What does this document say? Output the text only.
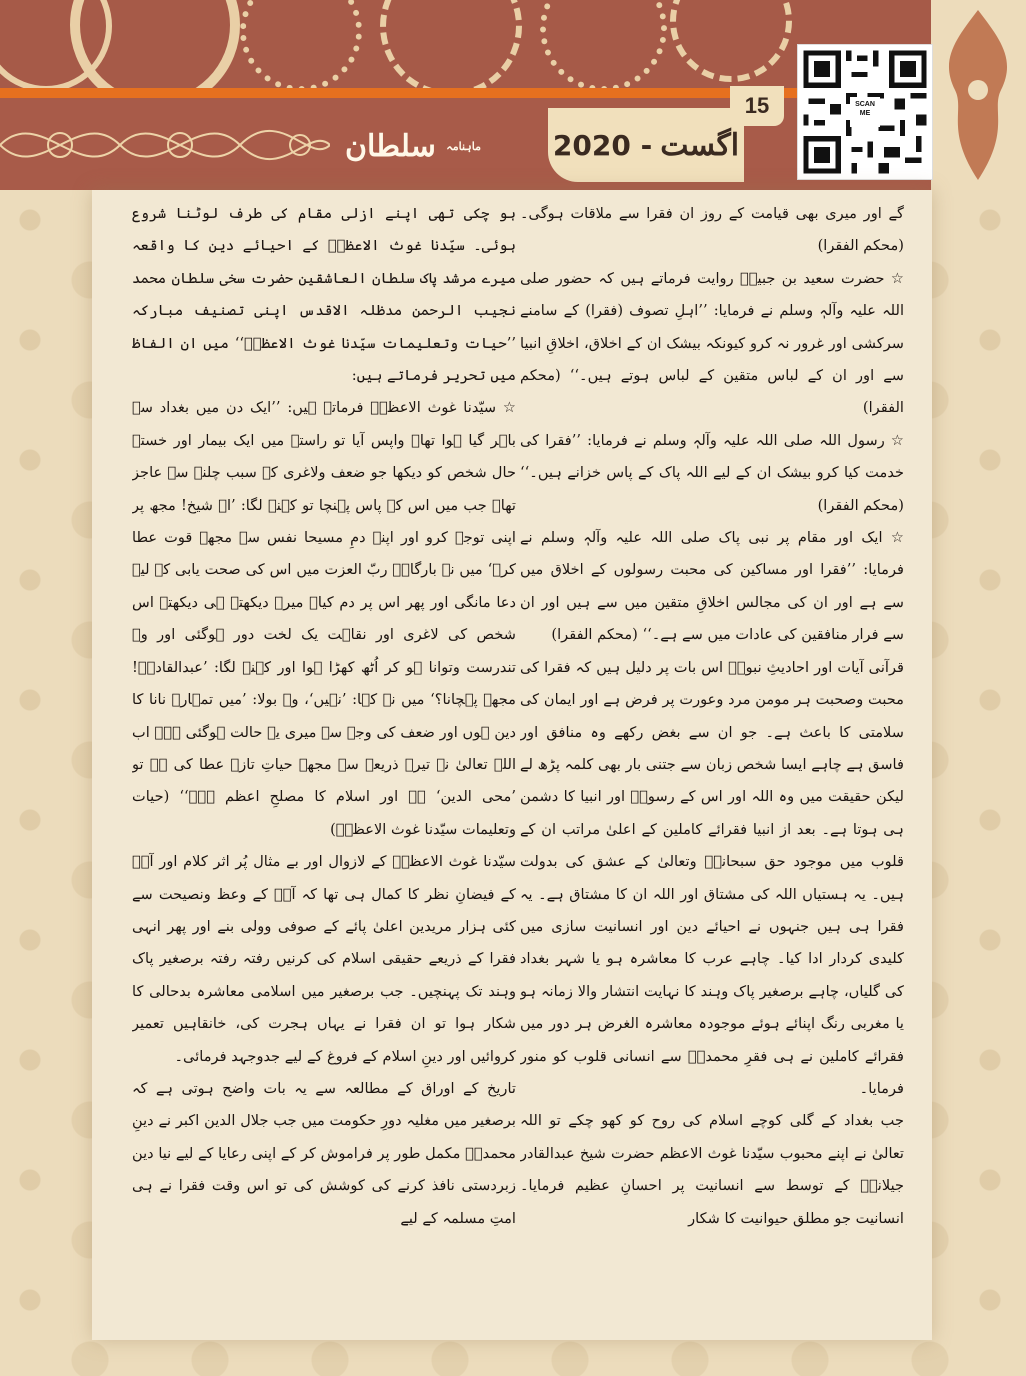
$^{ماہنامہ}$ سلطان	2020 - اگست
15	SCAN ME

گے اور میری بھی قیامت کے روز ان فقرا سے ملاقات ہوگی۔ (محکم الفقرا)

☆ حضرت سعید بن جبیرؓ روایت فرماتے ہیں کہ حضور صلی اللہ علیہ وآلہٖ وسلم نے فرمایا: ’’اہلِ تصوف (فقرا) کے سامنے سرکشی اور غرور نہ کرو کیونکہ بیشک ان کے اخلاق، اخلاقِ انبیا سے اور ان کے لباس متقین کے لباس ہوتے ہیں۔‘‘ (محکم الفقرا)

☆ رسول اللہ صلی اللہ علیہ وآلہٖ وسلم نے فرمایا: ’’فقرا کی خدمت کیا کرو بیشک ان کے لیے اللہ پاک کے پاس خزانے ہیں۔‘‘ (محکم الفقرا)

☆ ایک اور مقام پر نبی پاک صلی اللہ علیہ وآلہٖ وسلم نے فرمایا: ’’فقرا اور مساکین کی محبت رسولوں کے اخلاق میں سے ہے اور ان کی مجالس اخلاقِ متقین میں سے ہیں اور ان سے فرار منافقین کی عادات میں سے ہے۔‘‘ (محکم الفقرا)

قرآنی آیات اور احادیثِ نبویؐ اس بات پر دلیل ہیں کہ فقرا کی محبت وصحبت ہر مومن مرد وعورت پر فرض ہے اور ایمان کی سلامتی کا باعث ہے۔ جو ان سے بغض رکھے وہ منافق اور فاسق ہے چاہے ایسا شخص زبان سے جتنی بار بھی کلمہ پڑھ لے لیکن حقیقت میں وہ اللہ اور اس کے رسولؐ اور انبیا کا دشمن ہی ہوتا ہے۔ بعد از انبیا فقرائے کاملین کے اعلیٰ مراتب ان کے قلوب میں موجود حق سبحانہٗ وتعالیٰ کے عشق کی بدولت ہیں۔ یہ ہستیاں اللہ کی مشتاق اور اللہ ان کا مشتاق ہے۔ یہ فقرا ہی ہیں جنہوں نے احیائے دین اور انسانیت سازی میں کلیدی کردار ادا کیا۔ چاہے عرب کا معاشرہ ہو یا شہر بغداد کی گلیاں، چاہے برصغیر پاک وہند کا نہایت انتشار والا زمانہ ہو یا مغربی رنگ اپنائے ہوئے موجودہ معاشرہ الغرض ہر دور میں فقرائے کاملین نے ہی فقرِ محمدیؐ سے انسانی قلوب کو منور فرمایا۔

جب بغداد کے گلی کوچے اسلام کی روح کو کھو چکے تو اللہ تعالیٰ نے اپنے محبوب سیّدنا غوث الاعظم حضرت شیخ عبدالقادر جیلانیؓ کے توسط سے انسانیت پر احسانِ عظیم فرمایا۔ انسانیت جو مطلق حیوانیت کا شکار

ہو چکی تھی اپنے ازلی مقام کی طرف لوٹنا شروع ہوئی۔ سیّدنا غوث الاعظمؓ کے احیائے دین کا واقعہ میرے مرشد پاک سلطان العاشقین حضرت سخی سلطان محمد نجیب الرحمن مدظلہ الاقدس اپنی تصنیف مبارکہ ’’حیات وتعلیمات سیّدنا غوث الاعظمؓ‘‘ میں ان الفاظ میں تحریر فرماتے ہیں:

☆ سیّدنا غوث الاعظمؓ فرماتے ہیں: ’’ایک دن میں بغداد سے باہر گیا ہوا تھا۔ واپس آیا تو راستے میں ایک بیمار اور خستہ حال شخص کو دیکھا جو ضعف ولاغری کے سبب چلنے سے عاجز تھا۔ جب میں اس کے پاس پہنچا تو کہنے لگا: ’اے شیخ! مجھ پر اپنی توجہ کرو اور اپنے دمِ مسیحا نفس سے مجھے قوت عطا کر۔‘ میں نے بارگاہِ ربّ العزت میں اس کی صحت یابی کے لیے دعا مانگی اور پھر اس پر دم کیا۔ میرے دیکھتے ہی دیکھتے اس شخص کی لاغری اور نقاہت یک لخت دور ہوگئی اور وہ تندرست وتوانا ہو کر اُٹھ کھڑا ہوا اور کہنے لگا: ’عبدالقادرؓ! مجھے پہچانا؟‘ میں نے کہا: ’نہیں‘، وہ بولا: ’میں تمہارے نانا کا دین ہوں اور ضعف کی وجہ سے میری یہ حالت ہوگئی ہے۔ اب اللہ تعالیٰ نے تیرے ذریعے سے مجھے حیاتِ تازہ عطا کی ہے تو ’محی الدین‘ ہے اور اسلام کا مصلحِ اعظم ہے۔‘‘ (حیات وتعلیمات سیّدنا غوث الاعظمؓ)

سیّدنا غوث الاعظمؓ کے لازوال اور بے مثال پُر اثر کلام اور آپؓ کے فیضانِ نظر کا کمال ہی تھا کہ آپؓ کے وعظ ونصیحت سے کئی ہزار مریدین اعلیٰ پائے کے صوفی وولی بنے اور پھر انہی فقرا کے ذریعے حقیقی اسلام کی کرنیں رفتہ رفتہ برصغیر پاک وہند تک پہنچیں۔ جب برصغیر میں اسلامی معاشرہ بدحالی کا شکار ہوا تو ان فقرا نے یہاں ہجرت کی، خانقاہیں تعمیر کروائیں اور دینِ اسلام کے فروغ کے لیے جدوجہد فرمائی۔

تاریخ کے اوراق کے مطالعہ سے یہ بات واضح ہوتی ہے کہ برصغیر میں مغلیہ دورِ حکومت میں جب جلال الدین اکبر نے دینِ محمدیؐ مکمل طور پر فراموش کر کے اپنی رعایا کے لیے نیا دین زبردستی نافذ کرنے کی کوشش کی تو اس وقت فقرا نے ہی امتِ مسلمہ کے لیے
